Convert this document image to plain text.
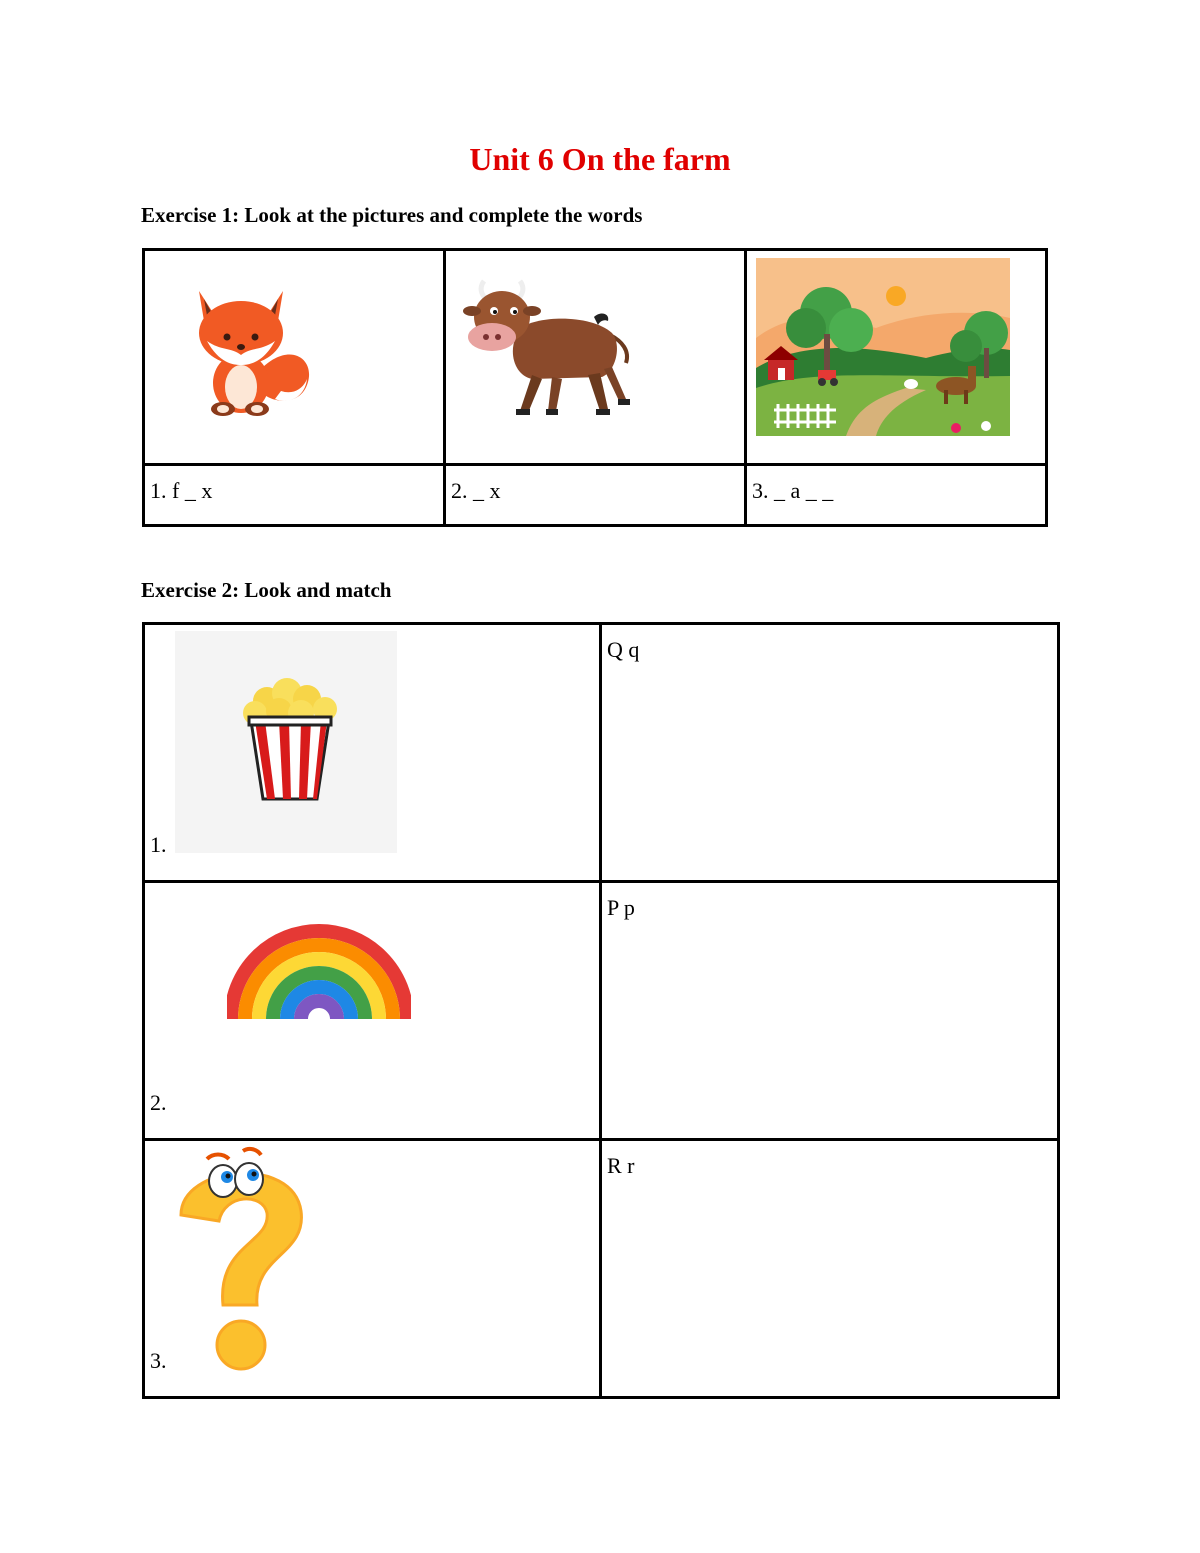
Unit 6 On the farm
Exercise 1: Look at the pictures and complete the words

1. f _ x	2. _ x	3. _ a _ _
Exercise 2: Look and match
1.	Q q

2.	P p

3.	R r
